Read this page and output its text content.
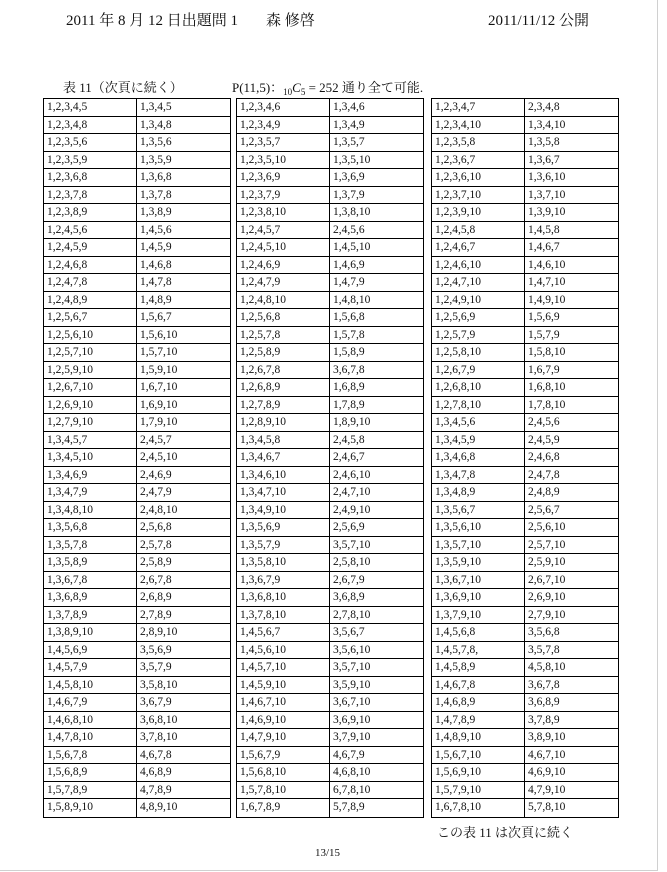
2011 年 8 月 12 日出題問 1 森 修啓	2011/11/12 公開
表 11（次頁に続く）	P(11,5)：$_{10}C_5 = 252$ 通り全て可能.
1,2,3,4,5	1,3,4,5
1,2,3,4,8	1,3,4,8
1,2,3,5,6	1,3,5,6
1,2,3,5,9	1,3,5,9
1,2,3,6,8	1,3,6,8
1,2,3,7,8	1,3,7,8
1,2,3,8,9	1,3,8,9
1,2,4,5,6	1,4,5,6
1,2,4,5,9	1,4,5,9
1,2,4,6,8	1,4,6,8
1,2,4,7,8	1,4,7,8
1,2,4,8,9	1,4,8,9
1,2,5,6,7	1,5,6,7
1,2,5,6,10	1,5,6,10
1,2,5,7,10	1,5,7,10
1,2,5,9,10	1,5,9,10
1,2,6,7,10	1,6,7,10
1,2,6,9,10	1,6,9,10
1,2,7,9,10	1,7,9,10
1,3,4,5,7	2,4,5,7
1,3,4,5,10	2,4,5,10
1,3,4,6,9	2,4,6,9
1,3,4,7,9	2,4,7,9
1,3,4,8,10	2,4,8,10
1,3,5,6,8	2,5,6,8
1,3,5,7,8	2,5,7,8
1,3,5,8,9	2,5,8,9
1,3,6,7,8	2,6,7,8
1,3,6,8,9	2,6,8,9
1,3,7,8,9	2,7,8,9
1,3,8,9,10	2,8,9,10
1,4,5,6,9	3,5,6,9
1,4,5,7,9	3,5,7,9
1,4,5,8,10	3,5,8,10
1,4,6,7,9	3,6,7,9
1,4,6,8,10	3,6,8,10
1,4,7,8,10	3,7,8,10
1,5,6,7,8	4,6,7,8
1,5,6,8,9	4,6,8,9
1,5,7,8,9	4,7,8,9
1,5,8,9,10	4,8,9,10
1,2,3,4,6	1,3,4,6
1,2,3,4,9	1,3,4,9
1,2,3,5,7	1,3,5,7
1,2,3,5,10	1,3,5,10
1,2,3,6,9	1,3,6,9
1,2,3,7,9	1,3,7,9
1,2,3,8,10	1,3,8,10
1,2,4,5,7	2,4,5,6
1,2,4,5,10	1,4,5,10
1,2,4,6,9	1,4,6,9
1,2,4,7,9	1,4,7,9
1,2,4,8,10	1,4,8,10
1,2,5,6,8	1,5,6,8
1,2,5,7,8	1,5,7,8
1,2,5,8,9	1,5,8,9
1,2,6,7,8	3,6,7,8
1,2,6,8,9	1,6,8,9
1,2,7,8,9	1,7,8,9
1,2,8,9,10	1,8,9,10
1,3,4,5,8	2,4,5,8
1,3,4,6,7	2,4,6,7
1,3,4,6,10	2,4,6,10
1,3,4,7,10	2,4,7,10
1,3,4,9,10	2,4,9,10
1,3,5,6,9	2,5,6,9
1,3,5,7,9	3,5,7,10
1,3,5,8,10	2,5,8,10
1,3,6,7,9	2,6,7,9
1,3,6,8,10	3,6,8,9
1,3,7,8,10	2,7,8,10
1,4,5,6,7	3,5,6,7
1,4,5,6,10	3,5,6,10
1,4,5,7,10	3,5,7,10
1,4,5,9,10	3,5,9,10
1,4,6,7,10	3,6,7,10
1,4,6,9,10	3,6,9,10
1,4,7,9,10	3,7,9,10
1,5,6,7,9	4,6,7,9
1,5,6,8,10	4,6,8,10
1,5,7,8,10	6,7,8,10
1,6,7,8,9	5,7,8,9
1,2,3,4,7	2,3,4,8
1,2,3,4,10	1,3,4,10
1,2,3,5,8	1,3,5,8
1,2,3,6,7	1,3,6,7
1,2,3,6,10	1,3,6,10
1,2,3,7,10	1,3,7,10
1,2,3,9,10	1,3,9,10
1,2,4,5,8	1,4,5,8
1,2,4,6,7	1,4,6,7
1,2,4,6,10	1,4,6,10
1,2,4,7,10	1,4,7,10
1,2,4,9,10	1,4,9,10
1,2,5,6,9	1,5,6,9
1,2,5,7,9	1,5,7,9
1,2,5,8,10	1,5,8,10
1,2,6,7,9	1,6,7,9
1,2,6,8,10	1,6,8,10
1,2,7,8,10	1,7,8,10
1,3,4,5,6	2,4,5,6
1,3,4,5,9	2,4,5,9
1,3,4,6,8	2,4,6,8
1,3,4,7,8	2,4,7,8
1,3,4,8,9	2,4,8,9
1,3,5,6,7	2,5,6,7
1,3,5,6,10	2,5,6,10
1,3,5,7,10	2,5,7,10
1,3,5,9,10	2,5,9,10
1,3,6,7,10	2,6,7,10
1,3,6,9,10	2,6,9,10
1,3,7,9,10	2,7,9,10
1,4,5,6,8	3,5,6,8
1,4,5,7,8,	3,5,7,8
1,4,5,8,9	4,5,8,10
1,4,6,7,8	3,6,7,8
1,4,6,8,9	3,6,8,9
1,4,7,8,9	3,7,8,9
1,4,8,9,10	3,8,9,10
1,5,6,7,10	4,6,7,10
1,5,6,9,10	4,6,9,10
1,5,7,9,10	4,7,9,10
1,6,7,8,10	5,7,8,10
この表 11 は次頁に続く
13/15
